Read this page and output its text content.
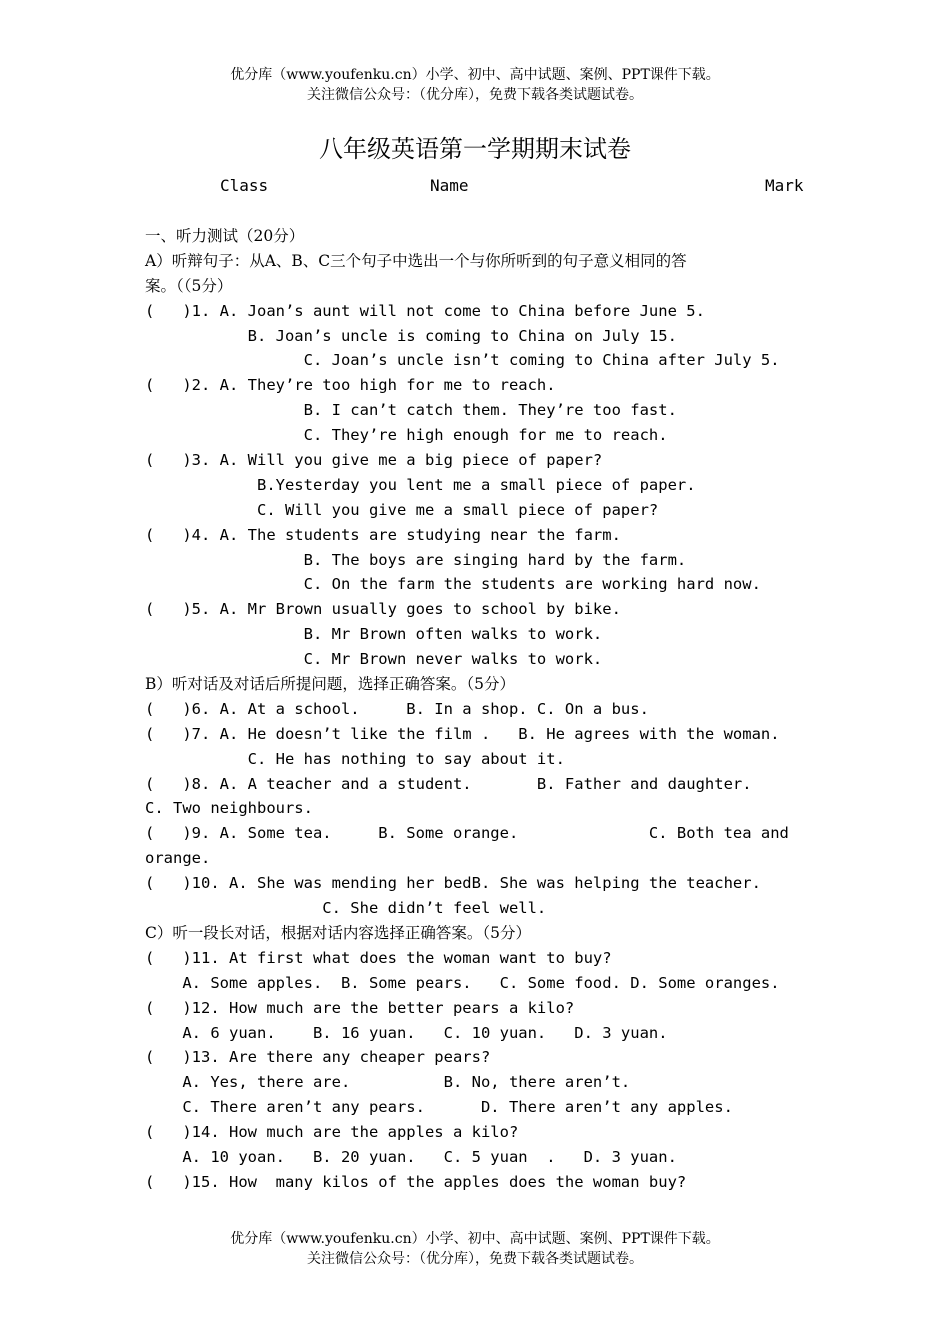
优分库（www.youfenku.cn）小学、初中、高中试题、案例、PPT课件下载。
关注微信公众号：（优分库），免费下载各类试题试卷。
八年级英语第一学期期末试卷
Class	Name	Mark
一、听力测试（20分）
A）听辩句子：从A、B、C三个句子中选出一个与你所听到的句子意义相同的答
案。（（5分）
(   )1. A. Joan’s aunt will not come to China before June 5.
B. Joan’s uncle is coming to China on July 15.
C. Joan’s uncle isn’t coming to China after July 5.
(   )2. A. They’re too high for me to reach.
B. I can’t catch them. They’re too fast.
C. They’re high enough for me to reach.
(   )3. A. Will you give me a big piece of paper?
B.Yesterday you lent me a small piece of paper.
C. Will you give me a small piece of paper?
(   )4. A. The students are studying near the farm.
B. The boys are singing hard by the farm.
C. On the farm the students are working hard now.
(   )5. A. Mr Brown usually goes to school by bike.
B. Mr Brown often walks to work.
C. Mr Brown never walks to work.
B）听对话及对话后所提问题，选择正确答案。（5分）
(   )6. A. At a school.     B. In a shop. C. On a bus.
(   )7. A. He doesn’t like the film .   B. He agrees with the woman.
C. He has nothing to say about it.
(   )8. A. A teacher and a student.       B. Father and daughter.
C. Two neighbours.
(   )9. A. Some tea.     B. Some orange.              C. Both tea and
orange.
(   )10. A. She was mending her bedB. She was helping the teacher.
C. She didn’t feel well.
C）听一段长对话，根据对话内容选择正确答案。（5分）
(   )11. At first what does the woman want to buy?
A. Some apples.  B. Some pears.   C. Some food. D. Some oranges.
(   )12. How much are the better pears a kilo?
A. 6 yuan.    B. 16 yuan.   C. 10 yuan.   D. 3 yuan.
(   )13. Are there any cheaper pears?
A. Yes, there are.          B. No, there aren’t.
C. There aren’t any pears.      D. There aren’t any apples.
(   )14. How much are the apples a kilo?
A. 10 yoan.   B. 20 yuan.   C. 5 yuan  .   D. 3 yuan.
(   )15. How  many kilos of the apples does the woman buy?
优分库（www.youfenku.cn）小学、初中、高中试题、案例、PPT课件下载。
关注微信公众号：（优分库），免费下载各类试题试卷。
